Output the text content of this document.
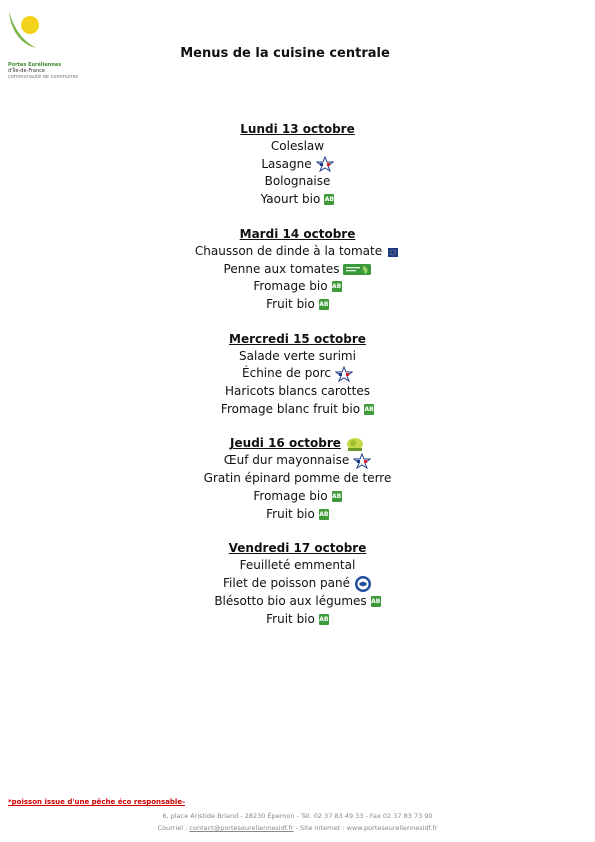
Portes Euréliennes
d'Île-de-France
communauté de communes
Menus de la cuisine centrale
Lundi 13 octobre
Coleslaw
Lasagne
Bolognaise
Yaourt bio AB
Mardi 14 octobre
Chausson de dinde à la tomate
Penne aux tomates
Fromage bio AB
Fruit bio AB
Mercredi 15 octobre
Salade verte surimi
Échine de porc
Haricots blancs carottes
Fromage blanc fruit bio AB
Jeudi 16 octobre
Œuf dur mayonnaise
Gratin épinard pomme de terre
Fromage bio AB
Fruit bio AB
Vendredi 17 octobre
Feuilleté emmental
Filet de poisson pané
Blésotto bio aux légumes AB
Fruit bio AB
*poisson issue d'une pêche éco responsable-
6, place Aristide Briand - 28230 Épernon - Tél. 02 37 83 49 33 - Fax 02 37 83 73 90
Courriel : contact@porteseureliennesidf.fr - Site internet : www.porteseureliennesidf.fr
